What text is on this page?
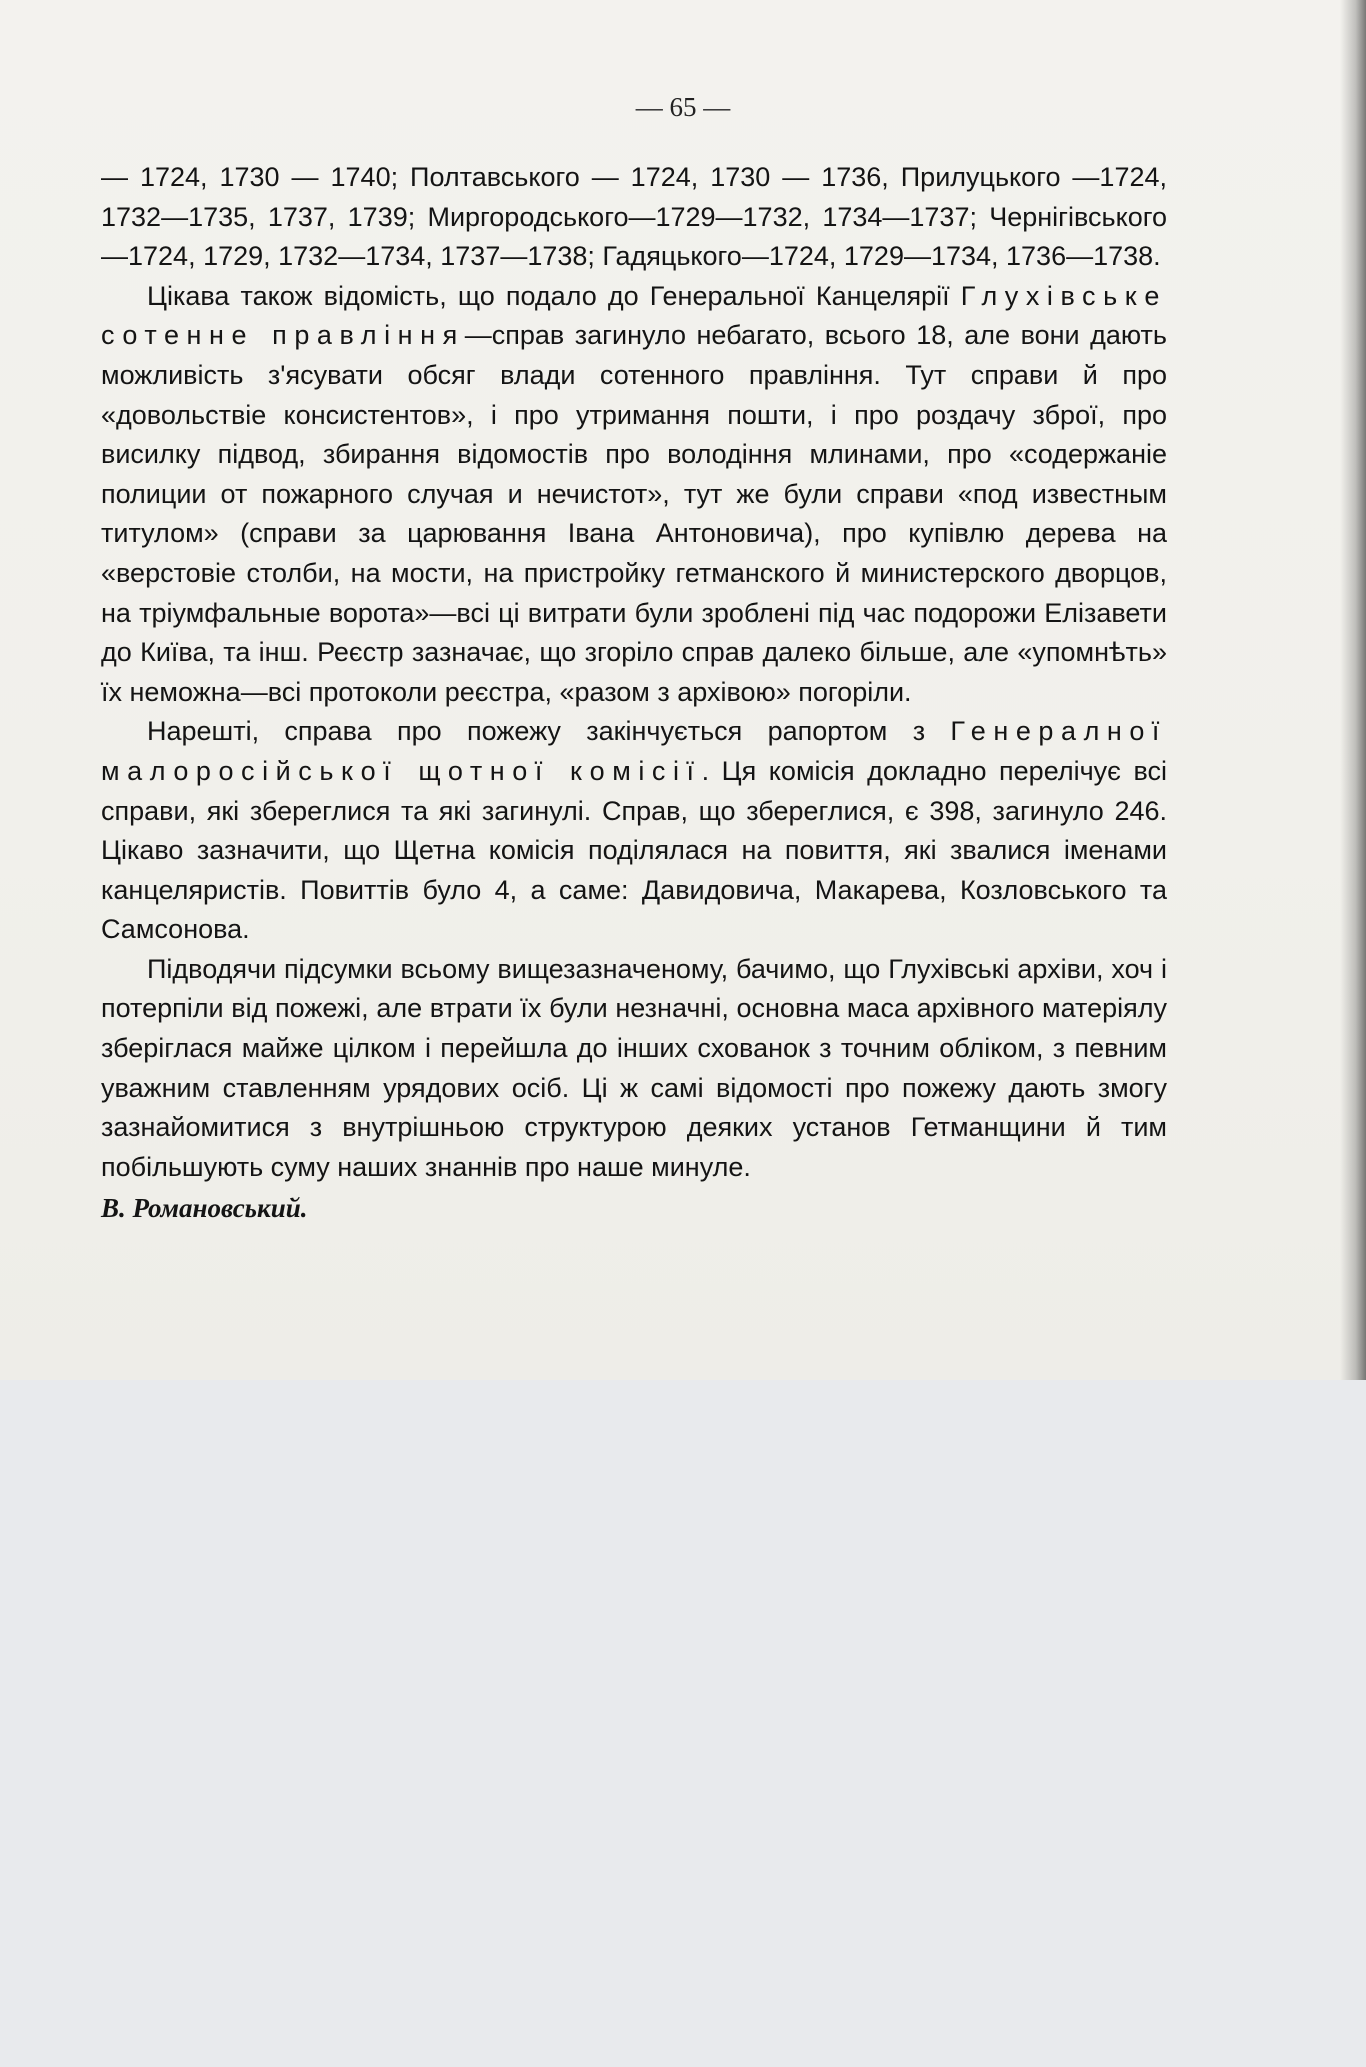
— 65 —

— 1724, 1730 — 1740; Полтавського — 1724, 1730 — 1736, Прилуцького —1724, 1732—1735, 1737, 1739; Миргородського—1729—1732, 1734—1737; Чернігівського—1724, 1729, 1732—1734, 1737—1738; Гадяцького—1724, 1729—1734, 1736—1738.

Цікава також відомість, що подало до Генеральної Канцелярії Глухівське сотенне правління—справ загинуло небагато, всього 18, але вони дають можливість з'ясувати обсяг влади сотенного правління. Тут справи й про «довольствіе консистентов», і про утримання пошти, і про роздачу зброї, про висилку підвод, збирання відомостів про володіння млинами, про «содержаніе полиции от пожарного случая и нечистот», тут же були справи «под известным титулом» (справи за царювання Івана Антоновича), про купівлю дерева на «верстовіе столби, на мости, на пристройку гетманского й министерского дворцов, на тріумфальные ворота»—всі ці витрати були зроблені під час подорожи Елізавети до Київа, та інш. Реєстр зазначає, що згоріло справ далеко більше, але «упомнѣть» їх неможна—всі протоколи реєстра, «разом з архівою» погоріли.

Нарешті, справа про пожежу закінчується рапортом з Генералної малоросійської щотної комісії. Ця комісія докладно перелічує всі справи, які збереглися та які загинулі. Справ, що збереглися, є 398, загинуло 246. Цікаво зазначити, що Щетна комісія поділялася на повиття, які звалися іменами канцеляристів. Повиттів було 4, а саме: Давидовича, Макарева, Козловського та Самсонова.

Підводячи підсумки всьому вищезазначеному, бачимо, що Глухівські архіви, хоч і потерпіли від пожежі, але втрати їх були незначні, основна маса архівного матеріялу зберіглася майже цілком і перейшла до інших схованок з точним обліком, з певним уважним ставленням урядових осіб. Ці ж самі відомості про пожежу дають змогу зазнайомитися з внутрішньою структурою деяких установ Гетманщини й тим побільшують суму наших знаннів про наше минуле.

В. Романовський.
